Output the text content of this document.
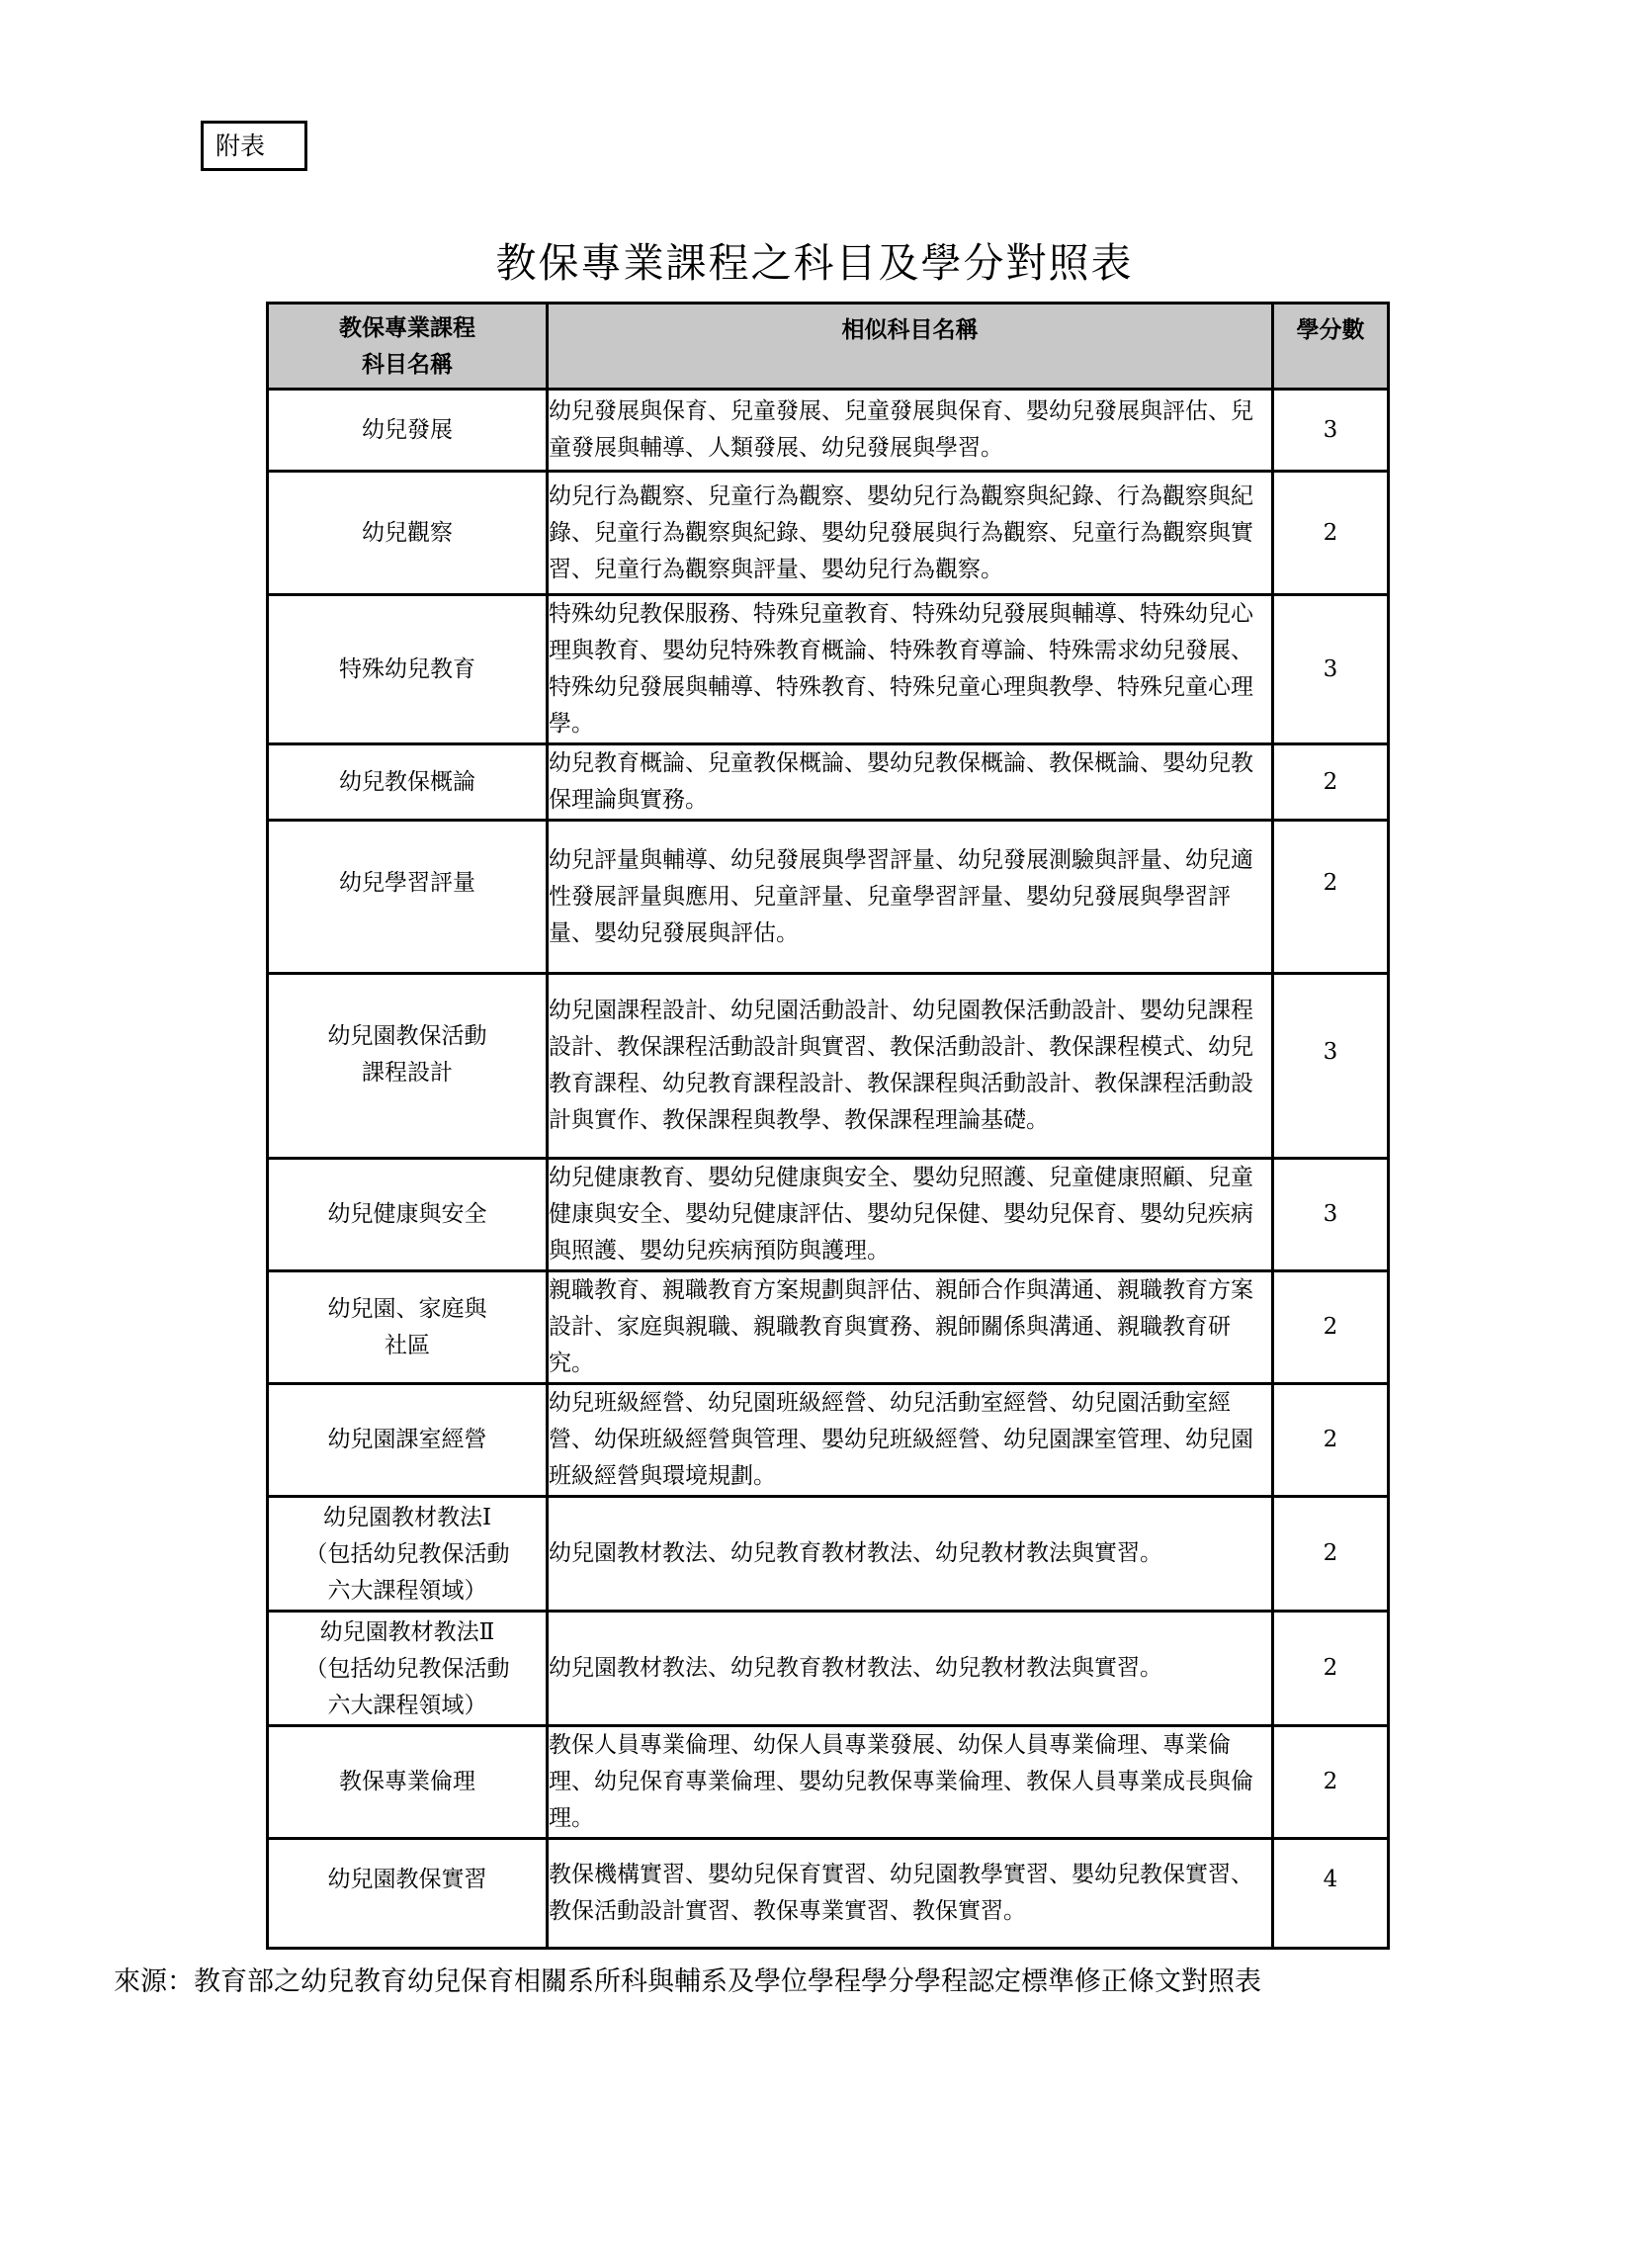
附表
教保專業課程之科目及學分對照表
教保專業課程
科目名稱	相似科目名稱	學分數
幼兒發展	幼兒發展與保育、兒童發展、兒童發展與保育、嬰幼兒發展與評估、兒童發展與輔導、人類發展、幼兒發展與學習。	3
幼兒觀察	幼兒行為觀察、兒童行為觀察、嬰幼兒行為觀察與紀錄、行為觀察與紀錄、兒童行為觀察與紀錄、嬰幼兒發展與行為觀察、兒童行為觀察與實習、兒童行為觀察與評量、嬰幼兒行為觀察。	2
特殊幼兒教育	特殊幼兒教保服務、特殊兒童教育、特殊幼兒發展與輔導、特殊幼兒心理與教育、嬰幼兒特殊教育概論、特殊教育導論、特殊需求幼兒發展、特殊幼兒發展與輔導、特殊教育、特殊兒童心理與教學、特殊兒童心理學。	3
幼兒教保概論	幼兒教育概論、兒童教保概論、嬰幼兒教保概論、教保概論、嬰幼兒教保理論與實務。	2
幼兒學習評量	幼兒評量與輔導、幼兒發展與學習評量、幼兒發展測驗與評量、幼兒適性發展評量與應用、兒童評量、兒童學習評量、嬰幼兒發展與學習評量、嬰幼兒發展與評估。	2

幼兒園教保活動
課程設計	幼兒園課程設計、幼兒園活動設計、幼兒園教保活動設計、嬰幼兒課程設計、教保課程活動設計與實習、教保活動設計、教保課程模式、幼兒教育課程、幼兒教育課程設計、教保課程與活動設計、教保課程活動設計與實作、教保課程與教學、教保課程理論基礎。	3
幼兒健康與安全	幼兒健康教育、嬰幼兒健康與安全、嬰幼兒照護、兒童健康照顧、兒童健康與安全、嬰幼兒健康評估、嬰幼兒保健、嬰幼兒保育、嬰幼兒疾病與照護、嬰幼兒疾病預防與護理。	3

幼兒園、家庭與
社區	親職教育、親職教育方案規劃與評估、親師合作與溝通、親職教育方案設計、家庭與親職、親職教育與實務、親師關係與溝通、親職教育研究。	2
幼兒園課室經營	幼兒班級經營、幼兒園班級經營、幼兒活動室經營、幼兒園活動室經營、幼保班級經營與管理、嬰幼兒班級經營、幼兒園課室管理、幼兒園班級經營與環境規劃。	2

幼兒園教材教法Ⅰ
（包括幼兒教保活動
六大課程領域）	幼兒園教材教法、幼兒教育教材教法、幼兒教材教法與實習。	2

幼兒園教材教法Ⅱ
（包括幼兒教保活動
六大課程領域）	幼兒園教材教法、幼兒教育教材教法、幼兒教材教法與實習。	2
教保專業倫理	教保人員專業倫理、幼保人員專業發展、幼保人員專業倫理、專業倫理、幼兒保育專業倫理、嬰幼兒教保專業倫理、教保人員專業成長與倫理。	2
幼兒園教保實習	教保機構實習、嬰幼兒保育實習、幼兒園教學實習、嬰幼兒教保實習、教保活動設計實習、教保專業實習、教保實習。	4
來源：教育部之幼兒教育幼兒保育相關系所科與輔系及學位學程學分學程認定標準修正條文對照表
